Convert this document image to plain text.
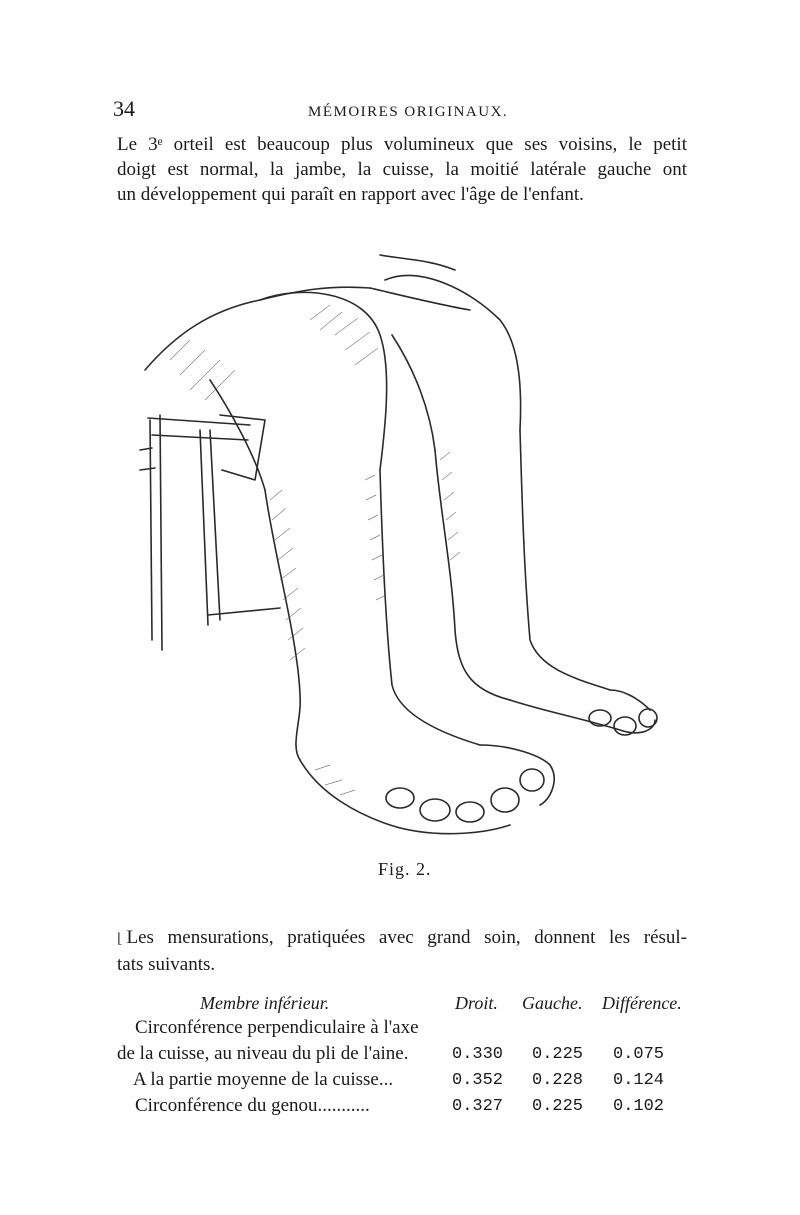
34	MÉMOIRES ORIGINAUX.
Le 3ᵉ orteil est beaucoup plus volumineux que ses voisins, le petit
doigt est normal, la jambe, la cuisse, la moitié latérale gauche ont
un développement qui paraît en rapport avec l'âge de l'enfant.
Fig. 2.
⌊ Les mensurations, pratiquées avec grand soin, donnent les résul-
tats suivants.
Membre inférieur.	Droit. Gauche. Différence.
Circonférence perpendiculaire à l'axe
de la cuisse, au niveau du pli de l'aine.	0.330 0.225 0.075
A la partie moyenne de la cuisse...	0.352 0.228 0.124
Circonférence du genou...........	0.327 0.225 0.102
